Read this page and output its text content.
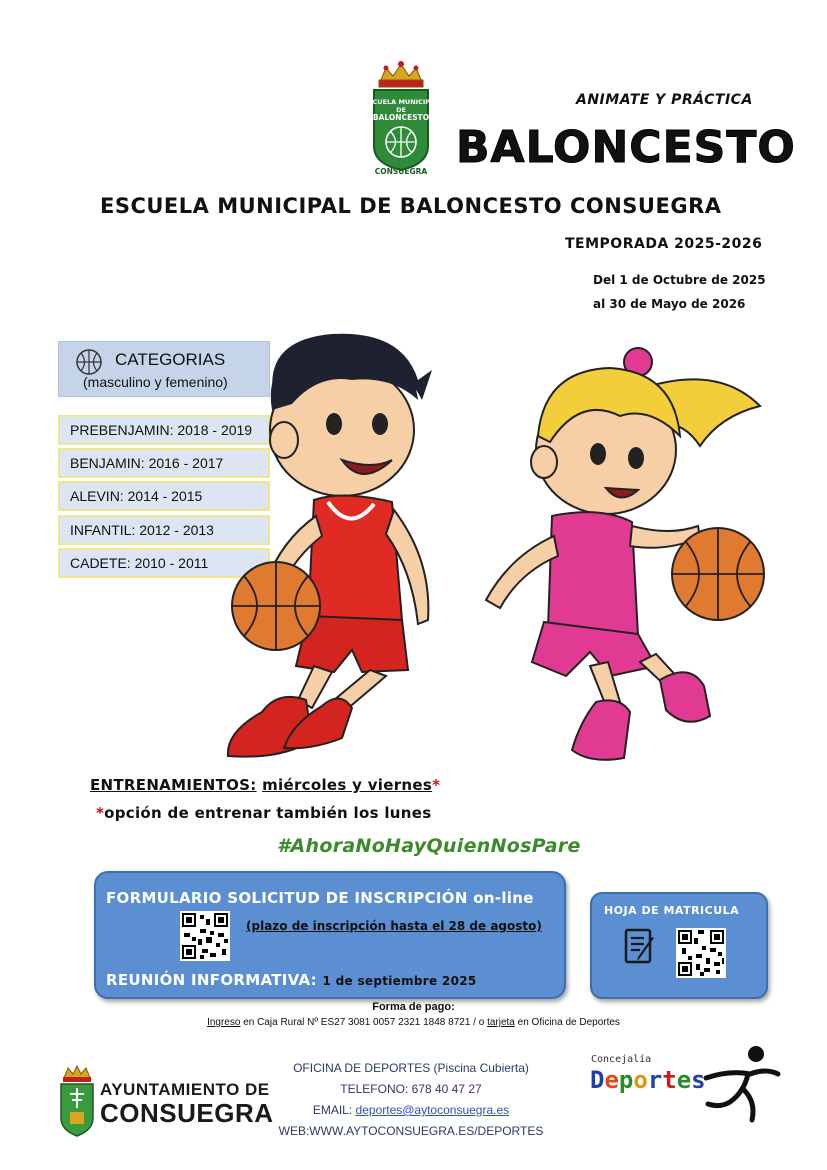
ESCUELA MUNICIPAL
DE
BALONCESTO
CONSUEGRA
ANIMATE Y PRÁCTICA
BALONCESTO
ESCUELA MUNICIPAL DE BALONCESTO CONSUEGRA
TEMPORADA 2025-2026
Del 1 de Octubre de 2025
al 30 de Mayo de 2026
CATEGORIAS
(masculino y femenino)
PREBENJAMIN: 2018 - 2019
BENJAMIN: 2016 - 2017
ALEVIN: 2014 - 2015
INFANTIL: 2012 - 2013
CADETE: 2010 - 2011
ENTRENAMIENTOS: miércoles y viernes*
*opción de entrenar también los lunes
#AhoraNoHayQuienNosPare
FORMULARIO SOLICITUD DE INSCRIPCIÓN on-line
(plazo de inscripción hasta el 28 de agosto)
REUNIÓN INFORMATIVA: 1 de septiembre 2025
HOJA DE MATRICULA
Forma de pago:
Ingreso en Caja Rural Nº ES27 3081 0057 2321 1848 8721 / o tarjeta en Oficina de Deportes
AYUNTAMIENTO DE
CONSUEGRA
OFICINA DE DEPORTES (Piscina Cubierta)
TELEFONO: 678 40 47 27
EMAIL: deportes@aytoconsuegra.es
WEB:WWW.AYTOCONSUEGRA.ES/DEPORTES
Concejalía
Deportes
